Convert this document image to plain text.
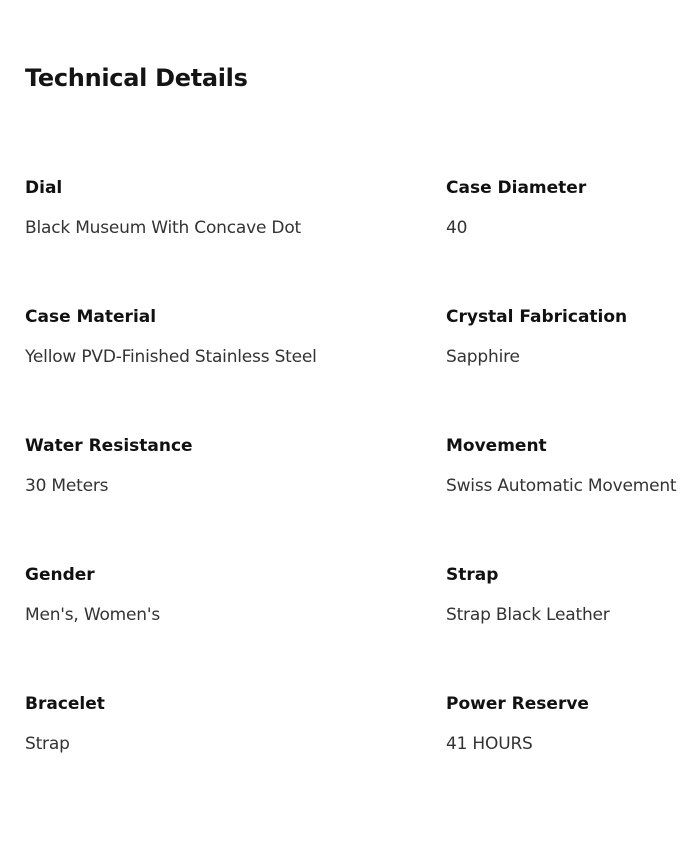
Technical Details
Dial
Black Museum With Concave Dot
Case Diameter
40
Case Material
Yellow PVD-Finished Stainless Steel
Crystal Fabrication
Sapphire
Water Resistance
30 Meters
Movement
Swiss Automatic Movement
Gender
Men's, Women's
Strap
Strap Black Leather
Bracelet
Strap
Power Reserve
41 HOURS
